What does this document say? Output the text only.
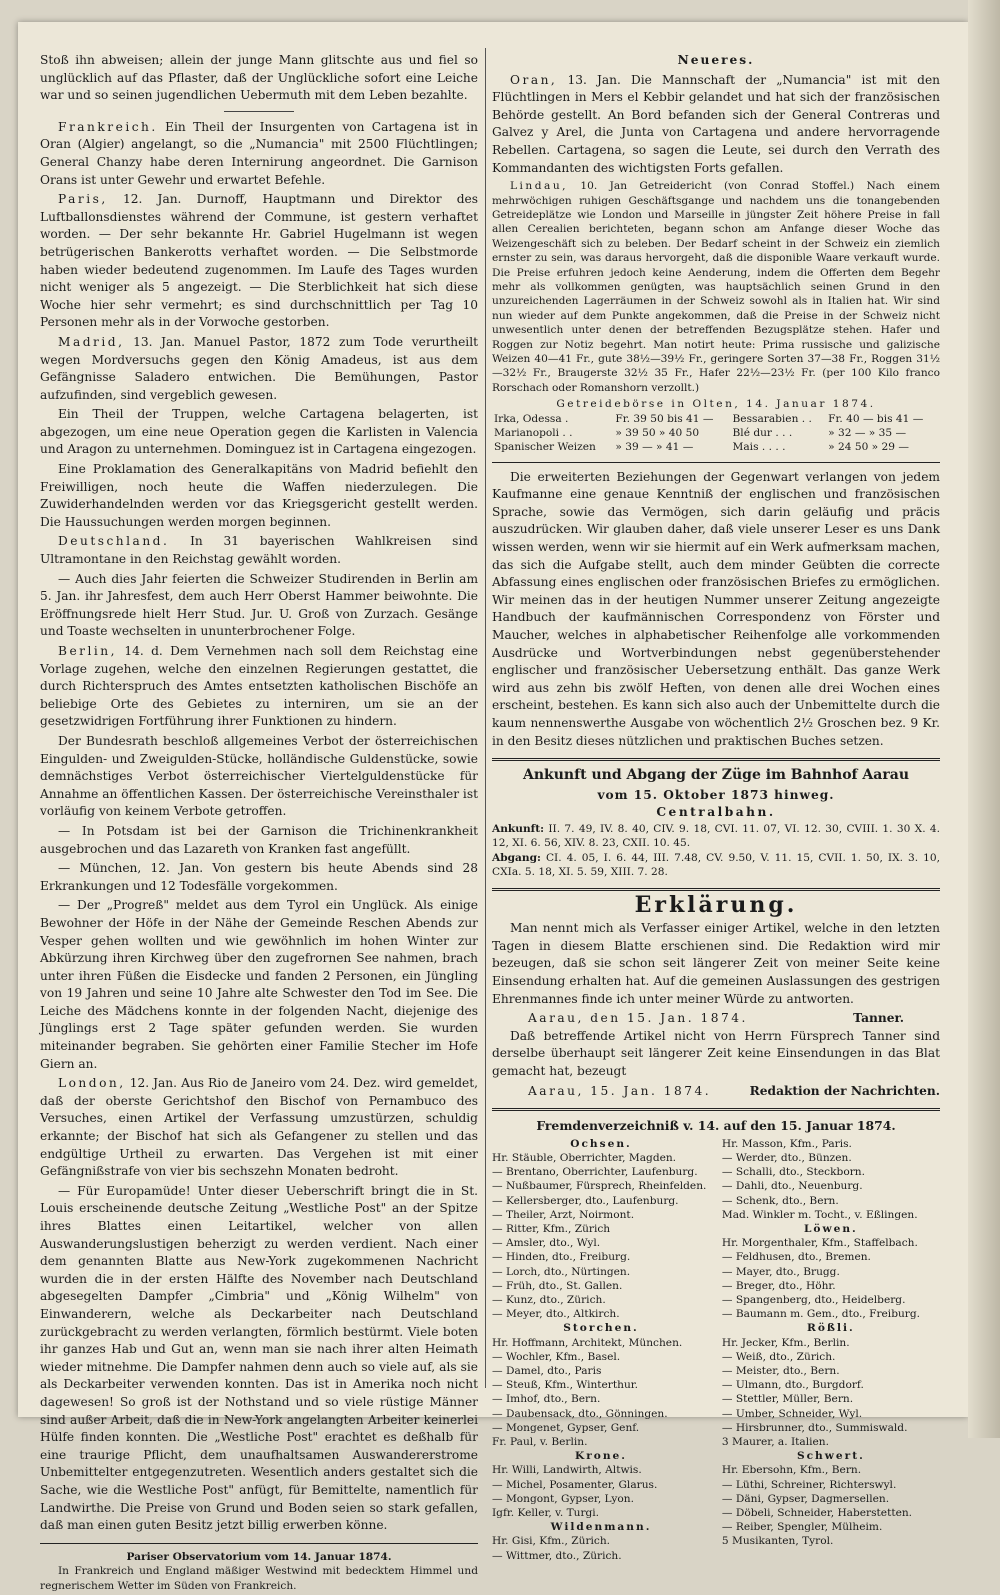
Stoß ihn abweisen; allein der junge Mann glitschte aus und fiel so unglücklich auf das Pflaster, daß der Unglückliche sofort eine Leiche war und so seinen jugendlichen Uebermuth mit dem Leben bezahlte.

Frankreich. Ein Theil der Insurgenten von Cartagena ist in Oran (Algier) angelangt, so die „Numancia" mit 2500 Flüchtlingen; General Chanzy habe deren Internirung angeordnet. Die Garnison Orans ist unter Gewehr und erwartet Befehle.

Paris, 12. Jan. Durnoff, Hauptmann und Direktor des Luftballonsdienstes während der Commune, ist gestern verhaftet worden. — Der sehr bekannte Hr. Gabriel Hugelmann ist wegen betrügerischen Bankerotts verhaftet worden. — Die Selbstmorde haben wieder bedeutend zugenommen. Im Laufe des Tages wurden nicht weniger als 5 angezeigt. — Die Sterblichkeit hat sich diese Woche hier sehr vermehrt; es sind durchschnittlich per Tag 10 Personen mehr als in der Vorwoche gestorben.

Madrid, 13. Jan. Manuel Pastor, 1872 zum Tode verurtheilt wegen Mordversuchs gegen den König Amadeus, ist aus dem Gefängnisse Saladero entwichen. Die Bemühungen, Pastor aufzufinden, sind vergeblich gewesen.

Ein Theil der Truppen, welche Cartagena belagerten, ist abgezogen, um eine neue Operation gegen die Karlisten in Valencia und Aragon zu unternehmen. Dominguez ist in Cartagena eingezogen.

Eine Proklamation des Generalkapitäns von Madrid befiehlt den Freiwilligen, noch heute die Waffen niederzulegen. Die Zuwiderhandelnden werden vor das Kriegsgericht gestellt werden. Die Haussuchungen werden morgen beginnen.

Deutschland. In 31 bayerischen Wahlkreisen sind Ultramontane in den Reichstag gewählt worden.

— Auch dies Jahr feierten die Schweizer Studirenden in Berlin am 5. Jan. ihr Jahresfest, dem auch Herr Oberst Hammer beiwohnte. Die Eröffnungsrede hielt Herr Stud. Jur. U. Groß von Zurzach. Gesänge und Toaste wechselten in ununterbrochener Folge.

Berlin, 14. d. Dem Vernehmen nach soll dem Reichstag eine Vorlage zugehen, welche den einzelnen Regierungen gestattet, die durch Richterspruch des Amtes entsetzten katholischen Bischöfe an beliebige Orte des Gebietes zu interniren, um sie an der gesetzwidrigen Fortführung ihrer Funktionen zu hindern.

Der Bundesrath beschloß allgemeines Verbot der österreichischen Eingulden- und Zweigulden-Stücke, holländische Guldenstücke, sowie demnächstiges Verbot österreichischer Viertelguldenstücke für Annahme an öffentlichen Kassen. Der österreichische Vereinsthaler ist vorläufig von keinem Verbote getroffen.

— In Potsdam ist bei der Garnison die Trichinenkrankheit ausgebrochen und das Lazareth von Kranken fast angefüllt.

— München, 12. Jan. Von gestern bis heute Abends sind 28 Erkrankungen und 12 Todesfälle vorgekommen.

— Der „Progreß" meldet aus dem Tyrol ein Unglück. Als einige Bewohner der Höfe in der Nähe der Gemeinde Reschen Abends zur Vesper gehen wollten und wie gewöhnlich im hohen Winter zur Abkürzung ihren Kirchweg über den zugefrornen See nahmen, brach unter ihren Füßen die Eisdecke und fanden 2 Personen, ein Jüngling von 19 Jahren und seine 10 Jahre alte Schwester den Tod im See. Die Leiche des Mädchens konnte in der folgenden Nacht, diejenige des Jünglings erst 2 Tage später gefunden werden. Sie wurden miteinander begraben. Sie gehörten einer Familie Stecher im Hofe Giern an.

London, 12. Jan. Aus Rio de Janeiro vom 24. Dez. wird gemeldet, daß der oberste Gerichtshof den Bischof von Pernambuco des Versuches, einen Artikel der Verfassung umzustürzen, schuldig erkannte; der Bischof hat sich als Gefangener zu stellen und das endgültige Urtheil zu erwarten. Das Vergehen ist mit einer Gefängnißstrafe von vier bis sechszehn Monaten bedroht.

— Für Europamüde! Unter dieser Ueberschrift bringt die in St. Louis erscheinende deutsche Zeitung „Westliche Post" an der Spitze ihres Blattes einen Leitartikel, welcher von allen Auswanderungslustigen beherzigt zu werden verdient. Nach einer dem genannten Blatte aus New-York zugekommenen Nachricht wurden die in der ersten Hälfte des November nach Deutschland abgesegelten Dampfer „Cimbria" und „König Wilhelm" von Einwanderern, welche als Deckarbeiter nach Deutschland zurückgebracht zu werden verlangten, förmlich bestürmt. Viele boten ihr ganzes Hab und Gut an, wenn man sie nach ihrer alten Heimath wieder mitnehme. Die Dampfer nahmen denn auch so viele auf, als sie als Deckarbeiter verwenden konnten. Das ist in Amerika noch nicht dagewesen! So groß ist der Nothstand und so viele rüstige Männer sind außer Arbeit, daß die in New-York angelangten Arbeiter keinerlei Hülfe finden konnten. Die „Westliche Post" erachtet es deßhalb für eine traurige Pflicht, dem unaufhaltsamen Auswandererstrome Unbemittelter entgegenzutreten. Wesentlich anders gestaltet sich die Sache, wie die Westliche Post" anfügt, für Bemittelte, namentlich für Landwirthe. Die Preise von Grund und Boden seien so stark gefallen, daß man einen guten Besitz jetzt billig erwerben könne.

Pariser Observatorium vom 14. Januar 1874.

In Frankreich und England mäßiger Westwind mit bedecktem Himmel und regnerischem Wetter im Süden von Frankreich.

Neueres.

Oran, 13. Jan. Die Mannschaft der „Numancia" ist mit den Flüchtlingen in Mers el Kebbir gelandet und hat sich der französischen Behörde gestellt. An Bord befanden sich der General Contreras und Galvez y Arel, die Junta von Cartagena und andere hervorragende Rebellen. Cartagena, so sagen die Leute, sei durch den Verrath des Kommandanten des wichtigsten Forts gefallen.

Lindau, 10. Jan Getreidericht (von Conrad Stoffel.) Nach einem mehrwöchigen ruhigen Geschäftsgange und nachdem uns die tonangebenden Getreideplätze wie London und Marseille in jüngster Zeit höhere Preise in fall allen Cerealien berichteten, begann schon am Anfange dieser Woche das Weizengeschäft sich zu beleben. Der Bedarf scheint in der Schweiz ein ziemlich ernster zu sein, was daraus hervorgeht, daß die disponible Waare verkauft wurde. Die Preise erfuhren jedoch keine Aenderung, indem die Offerten dem Begehr mehr als vollkommen genügten, was hauptsächlich seinen Grund in den unzureichenden Lagerräumen in der Schweiz sowohl als in Italien hat. Wir sind nun wieder auf dem Punkte angekommen, daß die Preise in der Schweiz nicht unwesentlich unter denen der betreffenden Bezugsplätze stehen. Hafer und Roggen zur Notiz begehrt. Man notirt heute: Prima russische und galizische Weizen 40—41 Fr., gute 38½—39½ Fr., geringere Sorten 37—38 Fr., Roggen 31½—32½ Fr., Braugerste 32½ 35 Fr., Hafer 22½—23½ Fr. (per 100 Kilo franco Rorschach oder Romanshorn verzollt.)

Getreidebörse in Olten, 14. Januar 1874.
Irka, Odessa .	Fr. 39 50 bis 41 —	Bessarabien . .	Fr. 40 — bis 41 —
Marianopoli . .	» 39 50 » 40 50	Blé dur . . .	» 32 — » 35 —
Spanischer Weizen	» 39 — » 41 —	Mais . . . .	» 24 50 » 29 —

Die erweiterten Beziehungen der Gegenwart verlangen von jedem Kaufmanne eine genaue Kenntniß der englischen und französischen Sprache, sowie das Vermögen, sich darin geläufig und präcis auszudrücken. Wir glauben daher, daß viele unserer Leser es uns Dank wissen werden, wenn wir sie hiermit auf ein Werk aufmerksam machen, das sich die Aufgabe stellt, auch dem minder Geübten die correcte Abfassung eines englischen oder französischen Briefes zu ermöglichen. Wir meinen das in der heutigen Nummer unserer Zeitung angezeigte Handbuch der kaufmännischen Correspondenz von Förster und Maucher, welches in alphabetischer Reihenfolge alle vorkommenden Ausdrücke und Wortverbindungen nebst gegenüberstehender englischer und französischer Uebersetzung enthält. Das ganze Werk wird aus zehn bis zwölf Heften, von denen alle drei Wochen eines erscheint, bestehen. Es kann sich also auch der Unbemittelte durch die kaum nennenswerthe Ausgabe von wöchentlich 2½ Groschen bez. 9 Kr. in den Besitz dieses nützlichen und praktischen Buches setzen.

Ankunft und Abgang der Züge im Bahnhof Aarau
vom 15. Oktober 1873 hinweg.
Centralbahn.
Ankunft: II. 7. 49, IV. 8. 40, CIV. 9. 18, CVI. 11. 07, VI. 12. 30, CVIII. 1. 30 X. 4. 12, XI. 6. 56, XIV. 8. 23, CXII. 10. 45.
Abgang: CI. 4. 05, I. 6. 44, III. 7.48, CV. 9.50, V. 11. 15, CVII. 1. 50, IX. 3. 10, CXIa. 5. 18, XI. 5. 59, XIII. 7. 28.
Erklärung.

Man nennt mich als Verfasser einiger Artikel, welche in den letzten Tagen in diesem Blatte erschienen sind. Die Redaktion wird mir bezeugen, daß sie schon seit längerer Zeit von meiner Seite keine Einsendung erhalten hat. Auf die gemeinen Auslassungen des gestrigen Ehrenmannes finde ich unter meiner Würde zu antworten.

Aarau, den 15. Jan. 1874.	Tanner.

Daß betreffende Artikel nicht von Herrn Fürsprech Tanner sind derselbe überhaupt seit längerer Zeit keine Einsendungen in das Blat gemacht hat, bezeugt

Aarau, 15. Jan. 1874.	Redaktion der Nachrichten.
Fremdenverzeichniß v. 14. auf den 15. Januar 1874.
Ochsen.
Hr. Stäuble, Oberrichter, Magden.
— Brentano, Oberrichter, Laufenburg.
— Nußbaumer, Fürsprech, Rheinfelden.
— Kellersberger, dto., Laufenburg.
— Theiler, Arzt, Noirmont.
— Ritter, Kfm., Zürich
— Amsler, dto., Wyl.
— Hinden, dto., Freiburg.
— Lorch, dto., Nürtingen.
— Früh, dto., St. Gallen.
— Kunz, dto., Zürich.
— Meyer, dto., Altkirch.
Storchen.
Hr. Hoffmann, Architekt, München.
— Wochler, Kfm., Basel.
— Damel, dto., Paris
— Steuß, Kfm., Winterthur.
— Imhof, dto., Bern.
— Daubensack, dto., Gönningen.
— Mongenet, Gypser, Genf.
Fr. Paul, v. Berlin.
Krone.
Hr. Willi, Landwirth, Altwis.
— Michel, Posamenter, Glarus.
— Mongont, Gypser, Lyon.
Igfr. Keller, v. Turgi.
Wildenmann.
Hr. Gisi, Kfm., Zürich.
— Wittmer, dto., Zürich.

Hr. Masson, Kfm., Paris.
— Werder, dto., Bünzen.
— Schalli, dto., Steckborn.
— Dahli, dto., Neuenburg.
— Schenk, dto., Bern.
Mad. Winkler m. Tocht., v. Eßlingen.
Löwen.
Hr. Morgenthaler, Kfm., Staffelbach.
— Feldhusen, dto., Bremen.
— Mayer, dto., Brugg.
— Breger, dto., Höhr.
— Spangenberg, dto., Heidelberg.
— Baumann m. Gem., dto., Freiburg.
Rößli.
Hr. Jecker, Kfm., Berlin.
— Weiß, dto., Zürich.
— Meister, dto., Bern.
— Ulmann, dto., Burgdorf.
— Stettler, Müller, Bern.
— Umber, Schneider, Wyl.
— Hirsbrunner, dto., Summiswald.
3 Maurer, a. Italien.
Schwert.
Hr. Ebersohn, Kfm., Bern.
— Lüthi, Schreiner, Richterswyl.
— Däni, Gypser, Dagmersellen.
— Döbeli, Schneider, Haberstetten.
— Reiber, Spengler, Mülheim.
5 Musikanten, Tyrol.
